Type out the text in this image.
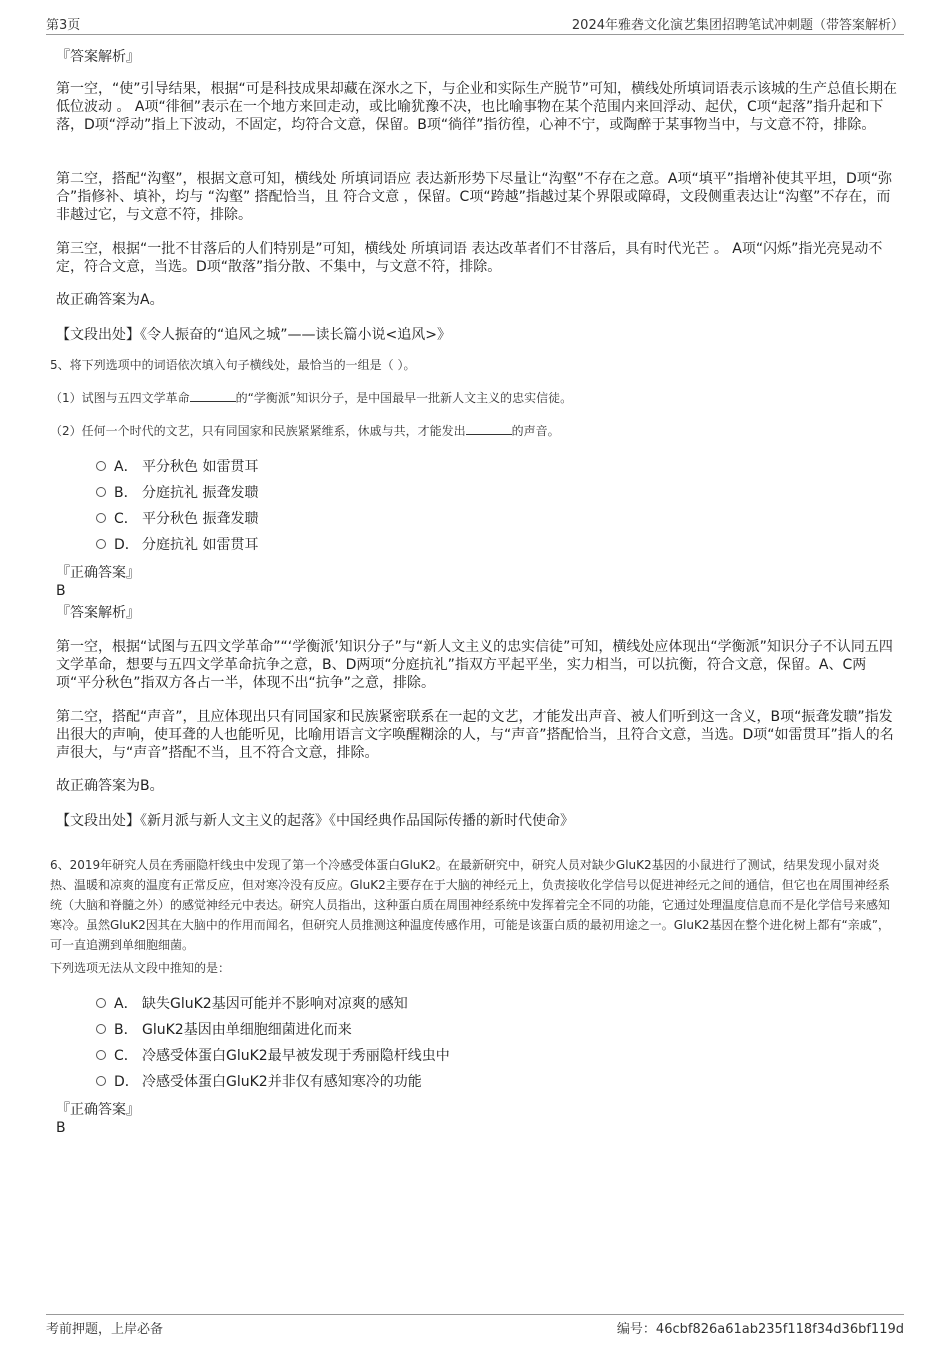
第3页	2024年雅砻文化演艺集团招聘笔试冲刺题（带答案解析）
『答案解析』

第一空，“使”引导结果，根据“可是科技成果却藏在深水之下，与企业和实际生产脱节”可知，横线处所填词语表示该城的生产总值长期在低位波动 。 A项“徘徊”表示在一个地方来回走动，或比喻犹豫不决，也比喻事物在某个范围内来回浮动、起伏，C项“起落”指升起和下落，D项“浮动”指上下波动，不固定，均符合文意，保留。B项“徜徉”指彷徨，心神不宁，或陶醉于某事物当中，与文意不符，排除。

第二空，搭配“沟壑”，根据文意可知，横线处 所填词语应 表达新形势下尽量让“沟壑”不存在之意。A项“填平”指增补使其平坦，D项“弥合”指修补、填补，均与 “沟壑” 搭配恰当，且 符合文意 ，保留。C项“跨越”指越过某个界限或障碍，文段侧重表达让“沟壑”不存在，而非越过它，与文意不符，排除。

第三空，根据“一批不甘落后的人们特别是”可知，横线处 所填词语 表达改革者们不甘落后，具有时代光芒 。 A项“闪烁”指光亮晃动不定，符合文意，当选。D项“散落”指分散、不集中，与文意不符，排除。

故正确答案为A。
【文段出处】《令人振奋的“追风之城”——读长篇小说<追风>》
5、将下列选项中的词语依次填入句子横线处，最恰当的一组是（ ）。
（1）试图与五四文学革命	的“学衡派”知识分子，是中国最早一批新人文主义的忠实信徒。
（2）任何一个时代的文艺，只有同国家和民族紧紧维系，休戚与共，才能发出	的声音。
A． 平分秋色 如雷贯耳
B． 分庭抗礼 振聋发聩
C． 平分秋色 振聋发聩
D． 分庭抗礼 如雷贯耳
『正确答案』
B
『答案解析』

第一空，根据“试图与五四文学革命”“‘学衡派’知识分子”与“新人文主义的忠实信徒”可知，横线处应体现出“学衡派”知识分子不认同五四文学革命，想要与五四文学革命抗争之意，B、D两项“分庭抗礼”指双方平起平坐，实力相当，可以抗衡，符合文意，保留。A、C两项“平分秋色”指双方各占一半，体现不出“抗争”之意，排除。

第二空，搭配“声音”，且应体现出只有同国家和民族紧密联系在一起的文艺，才能发出声音、被人们听到这一含义，B项“振聋发聩”指发出很大的声响，使耳聋的人也能听见，比喻用语言文字唤醒糊涂的人，与“声音”搭配恰当，且符合文意，当选。D项“如雷贯耳”指人的名声很大，与“声音”搭配不当，且不符合文意，排除。

故正确答案为B。
【文段出处】《新月派与新人文主义的起落》《中国经典作品国际传播的新时代使命》

6、2019年研究人员在秀丽隐杆线虫中发现了第一个冷感受体蛋白GluK2。在最新研究中，研究人员对缺少GluK2基因的小鼠进行了测试，结果发现小鼠对炎热、温暖和凉爽的温度有正常反应，但对寒冷没有反应。GluK2主要存在于大脑的神经元上，负责接收化学信号以促进神经元之间的通信，但它也在周围神经系统（大脑和脊髓之外）的感觉神经元中表达。研究人员指出，这种蛋白质在周围神经系统中发挥着完全不同的功能，它通过处理温度信息而不是化学信号来感知寒冷。虽然GluK2因其在大脑中的作用而闻名，但研究人员推测这种温度传感作用，可能是该蛋白质的最初用途之一。GluK2基因在整个进化树上都有“亲戚”，可一直追溯到单细胞细菌。

下列选项无法从文段中推知的是：
A． 缺失GluK2基因可能并不影响对凉爽的感知
B． GluK2基因由单细胞细菌进化而来
C． 冷感受体蛋白GluK2最早被发现于秀丽隐杆线虫中
D． 冷感受体蛋白GluK2并非仅有感知寒冷的功能
『正确答案』
B
考前押题，上岸必备	编号：46cbf826a61ab235f118f34d36bf119d
